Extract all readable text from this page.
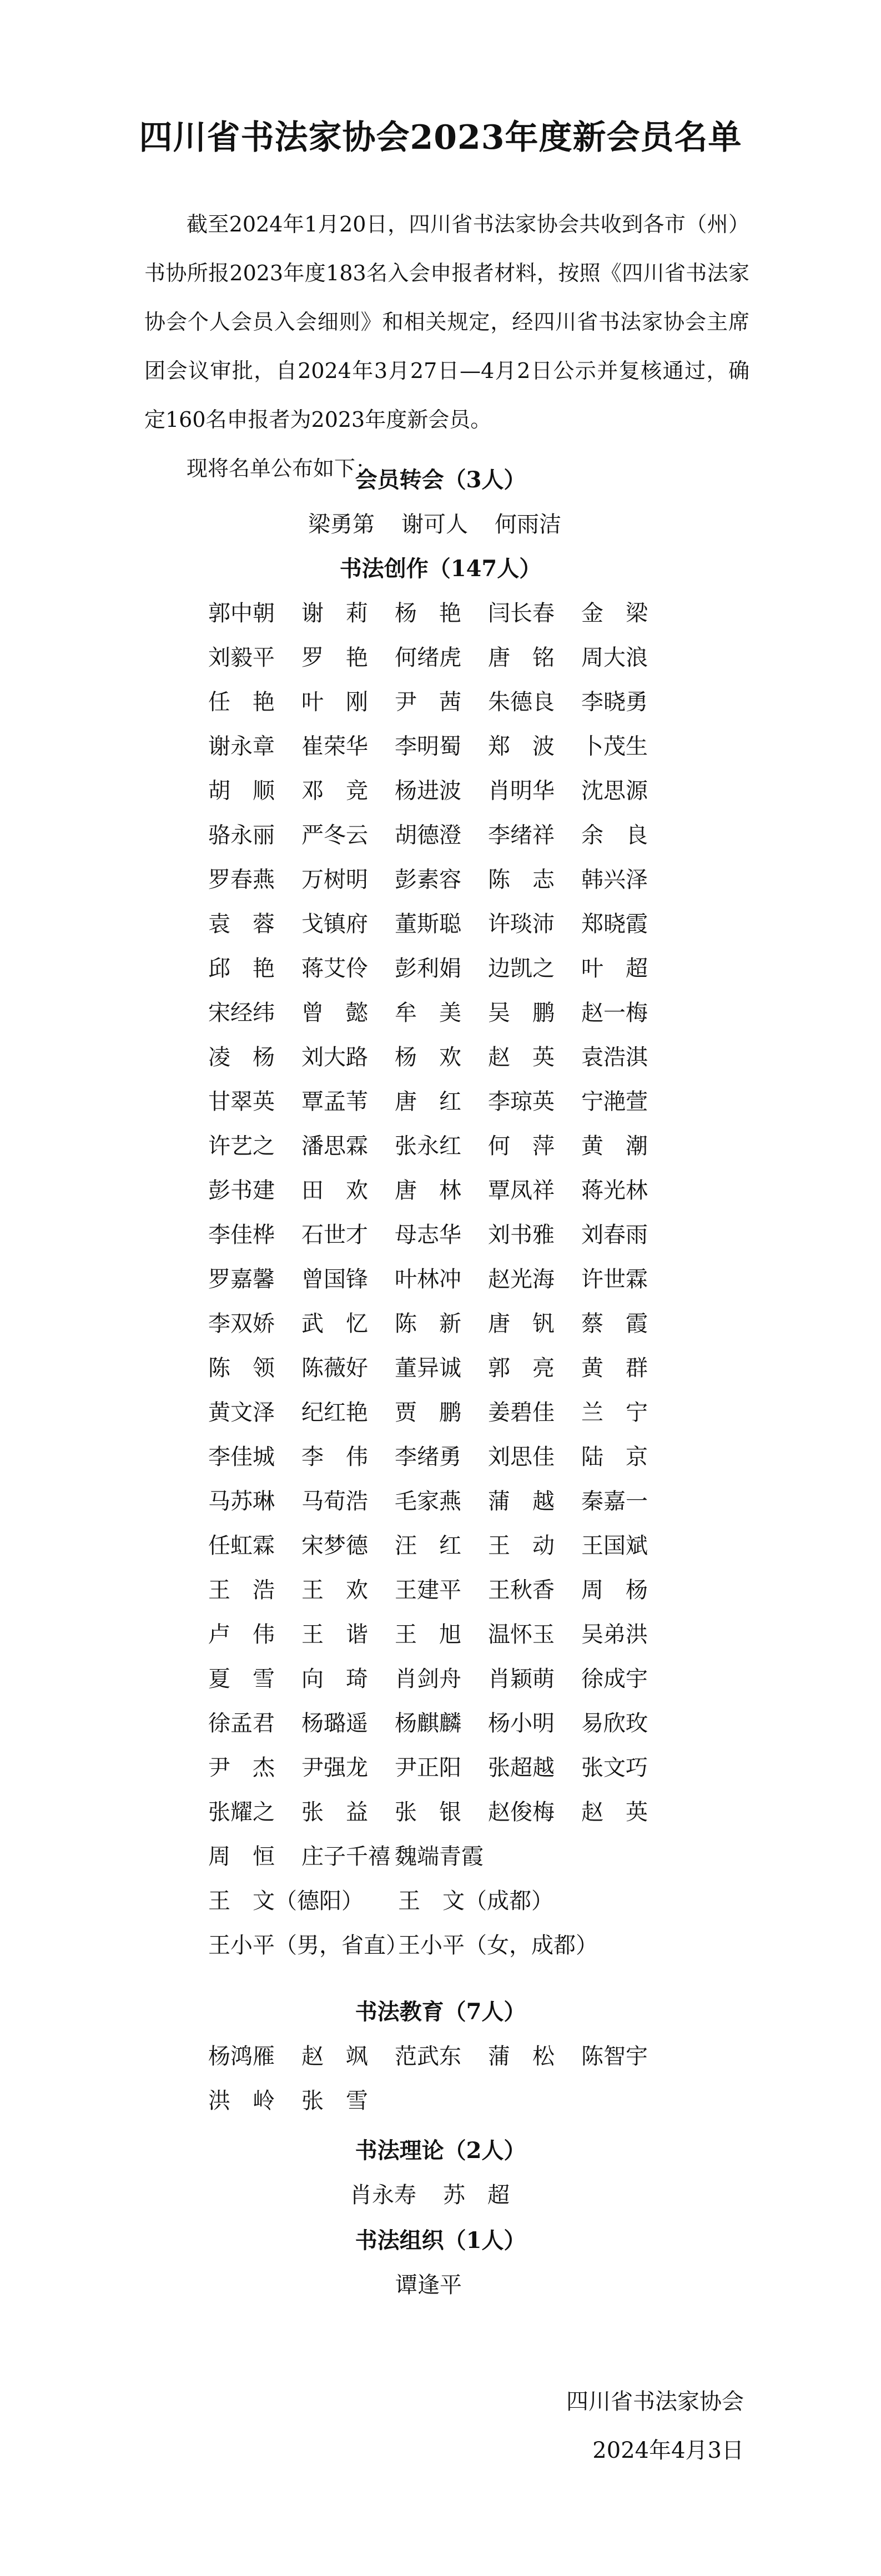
四川省书法家协会2023年度新会员名单

截至2024年1月20日，四川省书法家协会共收到各市（州）书协所报2023年度183名入会申报者材料，按照《四川省书法家协会个人会员入会细则》和相关规定，经四川省书法家协会主席团会议审批，自2024年3月27日—4月2日公示并复核通过，确定160名申报者为2023年度新会员。

现将名单公布如下：

会员转会（3人）
梁勇第 谢可人 何雨洁
书法创作（147人）
郭中朝 谢　莉 杨　艳 闫长春 金　梁
刘毅平 罗　艳 何绪虎 唐　铭 周大浪
任　艳 叶　刚 尹　茜 朱德良 李晓勇
谢永章 崔荣华 李明蜀 郑　波 卜茂生
胡　顺 邓　竞 杨进波 肖明华 沈思源
骆永丽 严冬云 胡德澄 李绪祥 余　良
罗春燕 万树明 彭素容 陈　志 韩兴泽
袁　蓉 戈镇府 董斯聪 许琰沛 郑晓霞
邱　艳 蒋艾伶 彭利娟 边凯之 叶　超
宋经纬 曾　懿 牟　美 吴　鹏 赵一梅
凌　杨 刘大路 杨　欢 赵　英 袁浩淇
甘翠英 覃孟苇 唐　红 李琼英 宁滟萱
许艺之 潘思霖 张永红 何　萍 黄　潮
彭书建 田　欢 唐　林 覃凤祥 蒋光林
李佳桦 石世才 母志华 刘书雅 刘春雨
罗嘉馨 曾国锋 叶林冲 赵光海 许世霖
李双娇 武　忆 陈　新 唐　钒 蔡　霞
陈　领 陈薇好 董异诚 郭　亮 黄　群
黄文泽 纪红艳 贾　鹏 姜碧佳 兰　宁
李佳城 李　伟 李绪勇 刘思佳 陆　京
马苏琳 马荀浩 毛家燕 蒲　越 秦嘉一
任虹霖 宋梦德 汪　红 王　动 王国斌
王　浩 王　欢 王建平 王秋香 周　杨
卢　伟 王　谐 王　旭 温怀玉 吴弟洪
夏　雪 向　琦 肖剑舟 肖颖萌 徐成宇
徐孟君 杨璐遥 杨麒麟 杨小明 易欣玫
尹　杰 尹强龙 尹正阳 张超越 张文巧
张耀之 张　益 张　银 赵俊梅 赵　英
周　恒 庄子千禧 魏端青霞
王　文（德阳） 王　文（成都）
王小平（男，省直）
王小平（女，成都）
书法教育（7人）
杨鸿雁 赵　飒 范武东 蒲　松 陈智宇
洪　岭 张　雪
书法理论（2人）
肖永寿 苏　超
书法组织（1人）
谭逢平
四川省书法家协会
2024年4月3日
